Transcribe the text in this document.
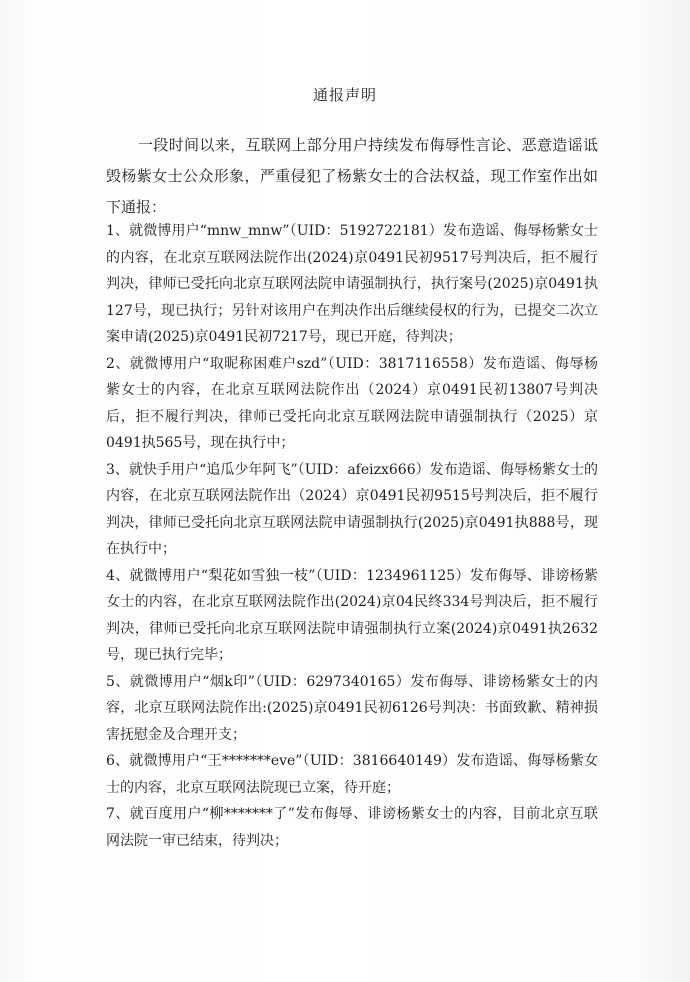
通报声明

一段时间以来，互联网上部分用户持续发布侮辱性言论、恶意造谣诋毁杨紫女士公众形象，严重侵犯了杨紫女士的合法权益，现工作室作出如下通报：

1、就微博用户“mnw_mnw”（UID：5192722181）发布造谣、侮辱杨紫女士的内容，在北京互联网法院作出(2024)京0491民初9517号判决后，拒不履行判决，律师已受托向北京互联网法院申请强制执行，执行案号(2025)京0491执127号，现已执行；另针对该用户在判决作出后继续侵权的行为，已提交二次立案申请(2025)京0491民初7217号，现已开庭，待判决；

2、就微博用户“取昵称困难户szd”（UID：3817116558）发布造谣、侮辱杨紫女士的内容，在北京互联网法院作出（2024）京0491民初13807号判决后，拒不履行判决，律师已受托向北京互联网法院申请强制执行（2025）京0491执565号，现在执行中；

3、就快手用户“追瓜少年阿飞”（UID：afeizx666）发布造谣、侮辱杨紫女士的内容，在北京互联网法院作出（2024）京0491民初9515号判决后，拒不履行判决，律师已受托向北京互联网法院申请强制执行(2025)京0491执888号，现在执行中；

4、就微博用户“梨花如雪独一枝”（UID：1234961125）发布侮辱、诽谤杨紫女士的内容，在北京互联网法院作出(2024)京04民终334号判决后，拒不履行判决，律师已受托向北京互联网法院申请强制执行立案(2024)京0491执2632号，现已执行完毕；

5、就微博用户“烟k印”（UID：6297340165）发布侮辱、诽谤杨紫女士的内容，北京互联网法院作出:(2025)京0491民初6126号判决：书面致歉、精神损害抚慰金及合理开支；

6、就微博用户“王*******eve”（UID：3816640149）发布造谣、侮辱杨紫女士的内容，北京互联网法院现已立案，待开庭；

7、就百度用户“柳*******了”发布侮辱、诽谤杨紫女士的内容，目前北京互联网法院一审已结束，待判决；
